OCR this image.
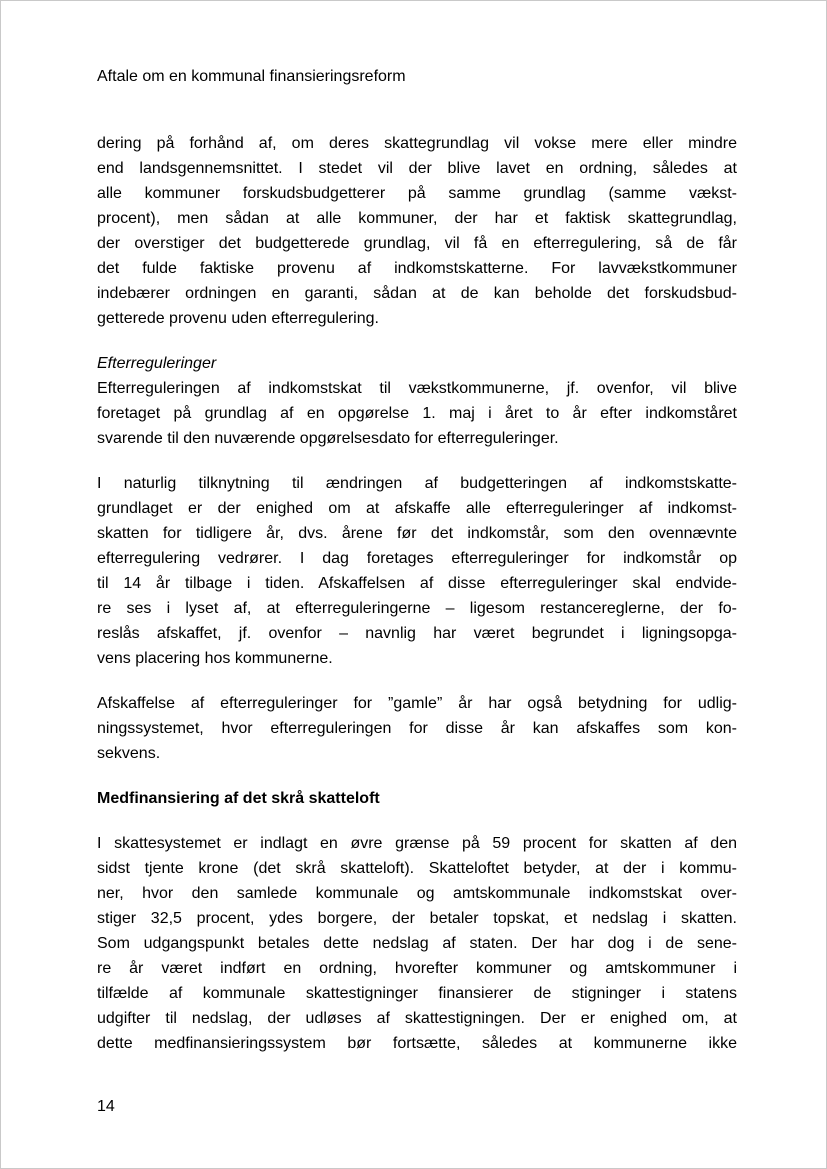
Aftale om en kommunal finansieringsreform
dering på forhånd af, om deres skattegrundlag vil vokse mere eller mindre
end landsgennemsnittet. I stedet vil der blive lavet en ordning, således at
alle kommuner forskudsbudgetterer på samme grundlag (samme vækst-
procent), men sådan at alle kommuner, der har et faktisk skattegrundlag,
der overstiger det budgetterede grundlag, vil få en efterregulering, så de får
det fulde faktiske provenu af indkomstskatterne. For lavvækstkommuner
indebærer ordningen en garanti, sådan at de kan beholde det forskudsbud-
getterede provenu uden efterregulering.
Efterreguleringer
Efterreguleringen af indkomstskat til vækstkommunerne, jf. ovenfor, vil blive
foretaget på grundlag af en opgørelse 1. maj i året to år efter indkomståret
svarende til den nuværende opgørelsesdato for efterreguleringer.
I naturlig tilknytning til ændringen af budgetteringen af indkomstskatte-
grundlaget er der enighed om at afskaffe alle efterreguleringer af indkomst-
skatten for tidligere år, dvs. årene før det indkomstår, som den ovennævnte
efterregulering vedrører. I dag foretages efterreguleringer for indkomstår op
til 14 år tilbage i tiden. Afskaffelsen af disse efterreguleringer skal endvide-
re ses i lyset af, at efterreguleringerne – ligesom restancereglerne, der fo-
reslås afskaffet, jf. ovenfor – navnlig har været begrundet i ligningsopga-
vens placering hos kommunerne.
Afskaffelse af efterreguleringer for ”gamle” år har også betydning for udlig-
ningssystemet, hvor efterreguleringen for disse år kan afskaffes som kon-
sekvens.
Medfinansiering af det skrå skatteloft
I skattesystemet er indlagt en øvre grænse på 59 procent for skatten af den
sidst tjente krone (det skrå skatteloft). Skatteloftet betyder, at der i kommu-
ner, hvor den samlede kommunale og amtskommunale indkomstskat over-
stiger 32,5 procent, ydes borgere, der betaler topskat, et nedslag i skatten.
Som udgangspunkt betales dette nedslag af staten. Der har dog i de sene-
re år været indført en ordning, hvorefter kommuner og amtskommuner i
tilfælde af kommunale skattestigninger finansierer de stigninger i statens
udgifter til nedslag, der udløses af skattestigningen. Der er enighed om, at
dette medfinansieringssystem bør fortsætte, således at kommunerne ikke
14
